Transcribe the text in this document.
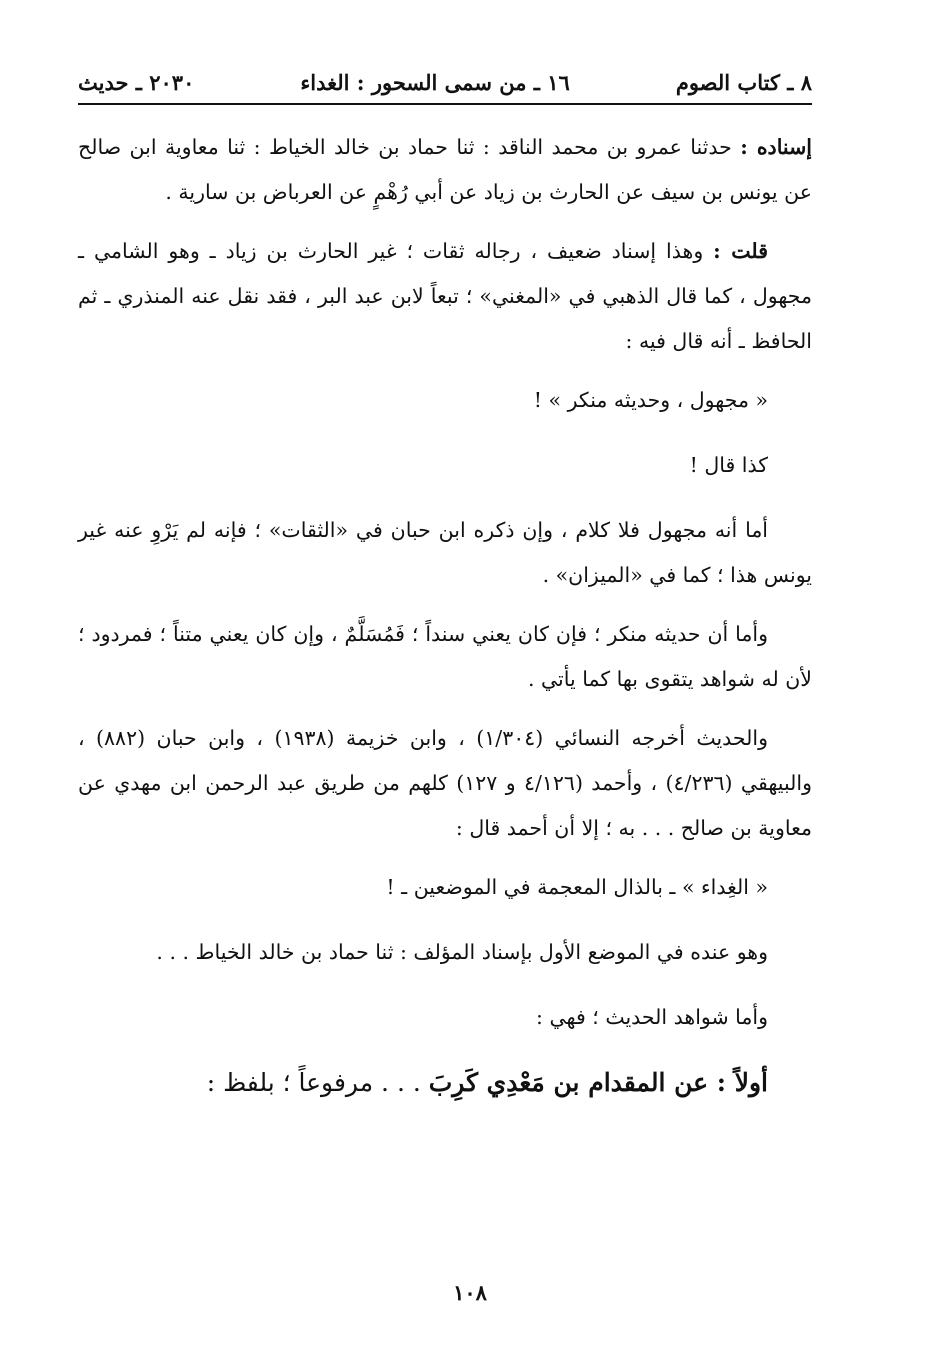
٨ ـ كتاب الصوم
١٦ ـ من سمى السحور : الغداء
٢٠٣٠ ـ حديث

إسناده : حدثنا عمرو بن محمد الناقد : ثنا حماد بن خالد الخياط : ثنا معاوية ابن صالح عن يونس بن سيف عن الحارث بن زياد عن أبي رُهْمٍ عن العرباض بن سارية .

قلت : وهذا إسناد ضعيف ، رجاله ثقات ؛ غير الحارث بن زياد ـ وهو الشامي ـ مجهول ، كما قال الذهبي في «المغني» ؛ تبعاً لابن عبد البر ، فقد نقل عنه المنذري ـ ثم الحافظ ـ أنه قال فيه :

« مجهول ، وحديثه منكر » !

كذا قال !

أما أنه مجهول فلا كلام ، وإن ذكره ابن حبان في «الثقات» ؛ فإنه لم يَرْوِ عنه غير يونس هذا ؛ كما في «الميزان» .

وأما أن حديثه منكر ؛ فإن كان يعني سنداً ؛ فَمُسَلَّمٌ ، وإن كان يعني متناً ؛ فمردود ؛ لأن له شواهد يتقوى بها كما يأتي .

والحديث أخرجه النسائي (١/٣٠٤) ، وابن خزيمة (١٩٣٨) ، وابن حبان (٨٨٢) ، والبيهقي (٤/٢٣٦) ، وأحمد (٤/١٢٦ و ١٢٧) كلهم من طريق عبد الرحمن ابن مهدي عن معاوية بن صالح . . . به ؛ إلا أن أحمد قال :

« الغِداء » ـ بالذال المعجمة في الموضعين ـ !

وهو عنده في الموضع الأول بإسناد المؤلف : ثنا حماد بن خالد الخياط . . .

وأما شواهد الحديث ؛ فهي :

أولاً : عن المقدام بن مَعْدِي كَرِبَ . . . مرفوعاً ؛ بلفظ :

١٠٨
